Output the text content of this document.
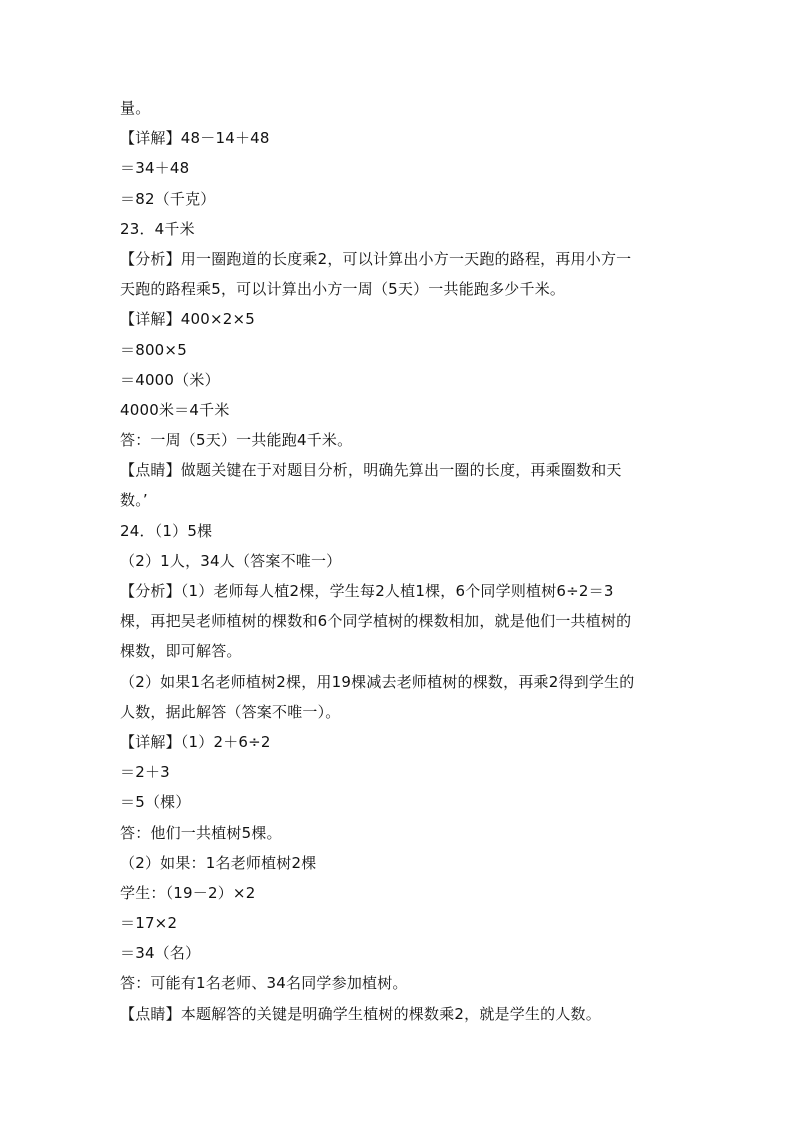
量。
【详解】48－14＋48
＝34＋48
＝82（千克）
23．4千米
【分析】用一圈跑道的长度乘2，可以计算出小方一天跑的路程，再用小方一
天跑的路程乘5，可以计算出小方一周（5天）一共能跑多少千米。
【详解】400×2×5
＝800×5
＝4000（米）
4000米＝4千米
答：一周（5天）一共能跑4千米。
【点睛】做题关键在于对题目分析，明确先算出一圈的长度，再乘圈数和天
数。’
24．（1）5棵
（2）1人，34人（答案不唯一）
【分析】（1）老师每人植2棵，学生每2人植1棵，6个同学则植树6÷2＝3
棵，再把吴老师植树的棵数和6个同学植树的棵数相加，就是他们一共植树的
棵数，即可解答。
（2）如果1名老师植树2棵，用19棵减去老师植树的棵数，再乘2得到学生的
人数，据此解答（答案不唯一）。
【详解】（1）2＋6÷2
＝2＋3
＝5（棵）
答：他们一共植树5棵。
（2）如果：1名老师植树2棵
学生：（19－2）×2
＝17×2
＝34（名）
答：可能有1名老师、34名同学参加植树。
【点睛】本题解答的关键是明确学生植树的棵数乘2，就是学生的人数。
